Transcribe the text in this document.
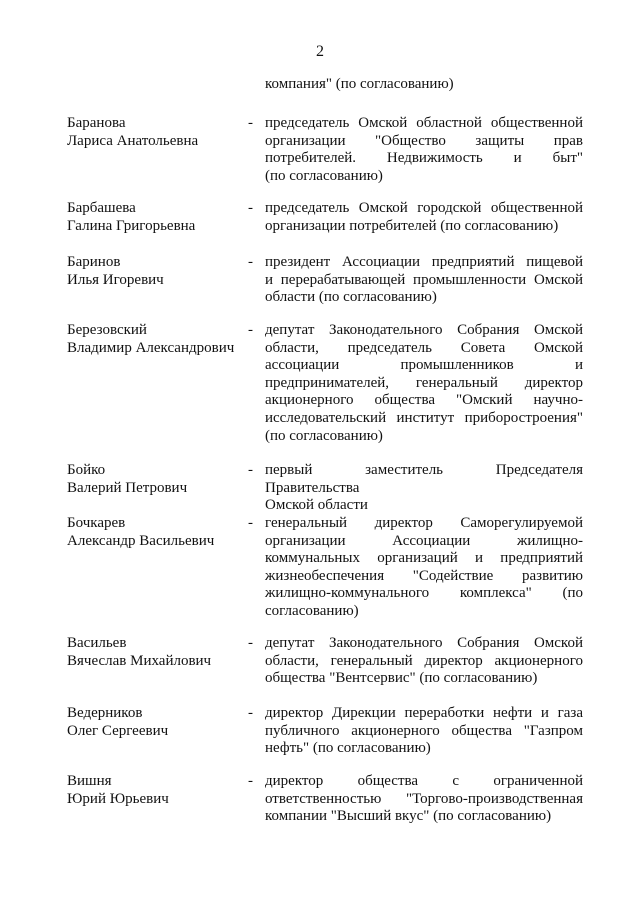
2
компания" (по согласованию)
Баранова
Лариса Анатольевна
- председатель Омской областной общественной
организации "Общество защиты прав
потребителей. Недвижимость и быт"
(по согласованию)
Барбашева
Галина Григорьевна
- председатель Омской городской общественной
организации потребителей (по согласованию)
Баринов
Илья Игоревич
- президент Ассоциации предприятий пищевой
и перерабатывающей промышленности Омской
области (по согласованию)
Березовский
Владимир Александрович
- депутат Законодательного Собрания Омской
области, председатель Совета Омской
ассоциации промышленников и
предпринимателей, генеральный директор
акционерного общества "Омский научно-
исследовательский институт приборостроения"
(по согласованию)
Бойко
Валерий Петрович
- первый заместитель Председателя Правительства
Омской области
Бочкарев
Александр Васильевич
- генеральный директор Саморегулируемой
организации Ассоциации жилищно-
коммунальных организаций и предприятий
жизнеобеспечения "Содействие развитию
жилищно-коммунального комплекса" (по
согласованию)
Васильев
Вячеслав Михайлович
- депутат Законодательного Собрания Омской
области, генеральный директор акционерного
общества "Вентсервис" (по согласованию)
Ведерников
Олег Сергеевич
- директор Дирекции переработки нефти и газа
публичного акционерного общества "Газпром
нефть" (по согласованию)
Вишня
Юрий Юрьевич
- директор общества с ограниченной
ответственностью "Торгово-производственная
компании "Высший вкус" (по согласованию)
